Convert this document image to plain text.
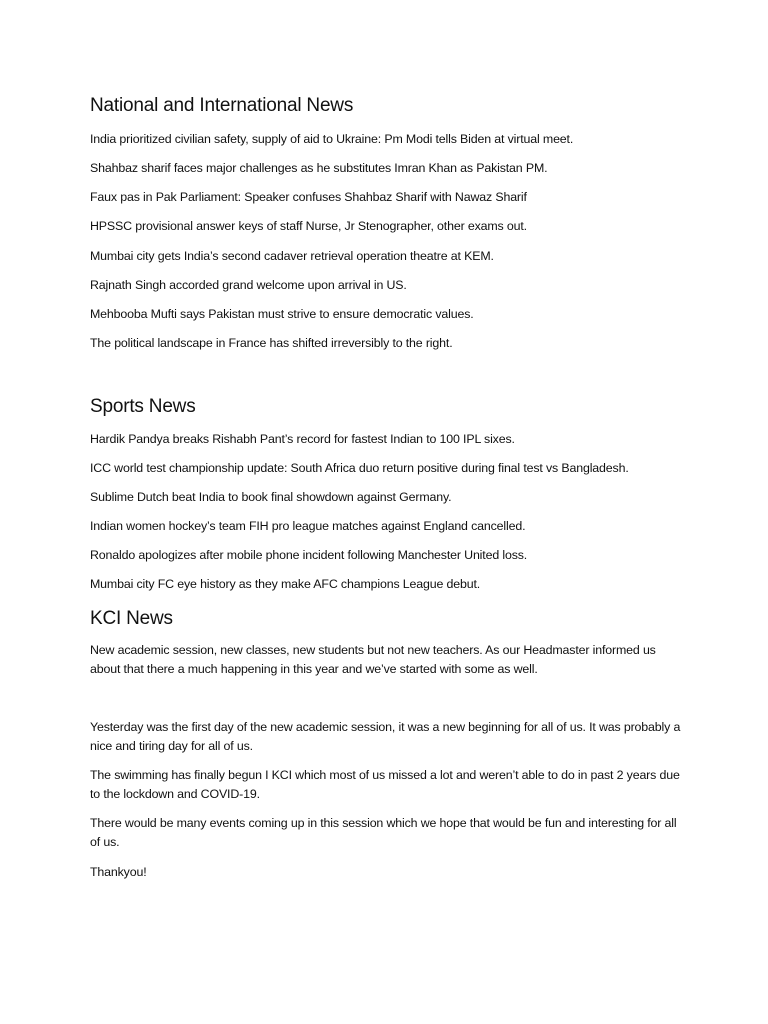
National and International News

India prioritized civilian safety, supply of aid to Ukraine: Pm Modi tells Biden at virtual meet.

Shahbaz sharif faces major challenges as he substitutes Imran Khan as Pakistan PM.

Faux pas in Pak Parliament: Speaker confuses Shahbaz Sharif with Nawaz Sharif

HPSSC provisional answer keys of staff Nurse, Jr Stenographer, other exams out.

Mumbai city gets India’s second cadaver retrieval operation theatre at KEM.

Rajnath Singh accorded grand welcome upon arrival in US.

Mehbooba Mufti says Pakistan must strive to ensure democratic values.

The political landscape in France has shifted irreversibly to the right.

Sports News

Hardik Pandya breaks Rishabh Pant’s record for fastest Indian to 100 IPL sixes.

ICC world test championship update: South Africa duo return positive during final test vs Bangladesh.

Sublime Dutch beat India to book final showdown against Germany.

Indian women hockey’s team FIH pro league matches against England cancelled.

Ronaldo apologizes after mobile phone incident following Manchester United loss.

Mumbai city FC eye history as they make AFC champions League debut.

KCI News

New academic session, new classes, new students but not new teachers. As our Headmaster informed us about that there a much happening in this year and we’ve started with some as well.

Yesterday was the first day of the new academic session, it was a new beginning for all of us. It was probably a nice and tiring day for all of us.

The swimming has finally begun I KCI which most of us missed a lot and weren’t able to do in past 2 years due to the lockdown and COVID-19.

There would be many events coming up in this session which we hope that would be fun and interesting for all of us.

Thankyou!
